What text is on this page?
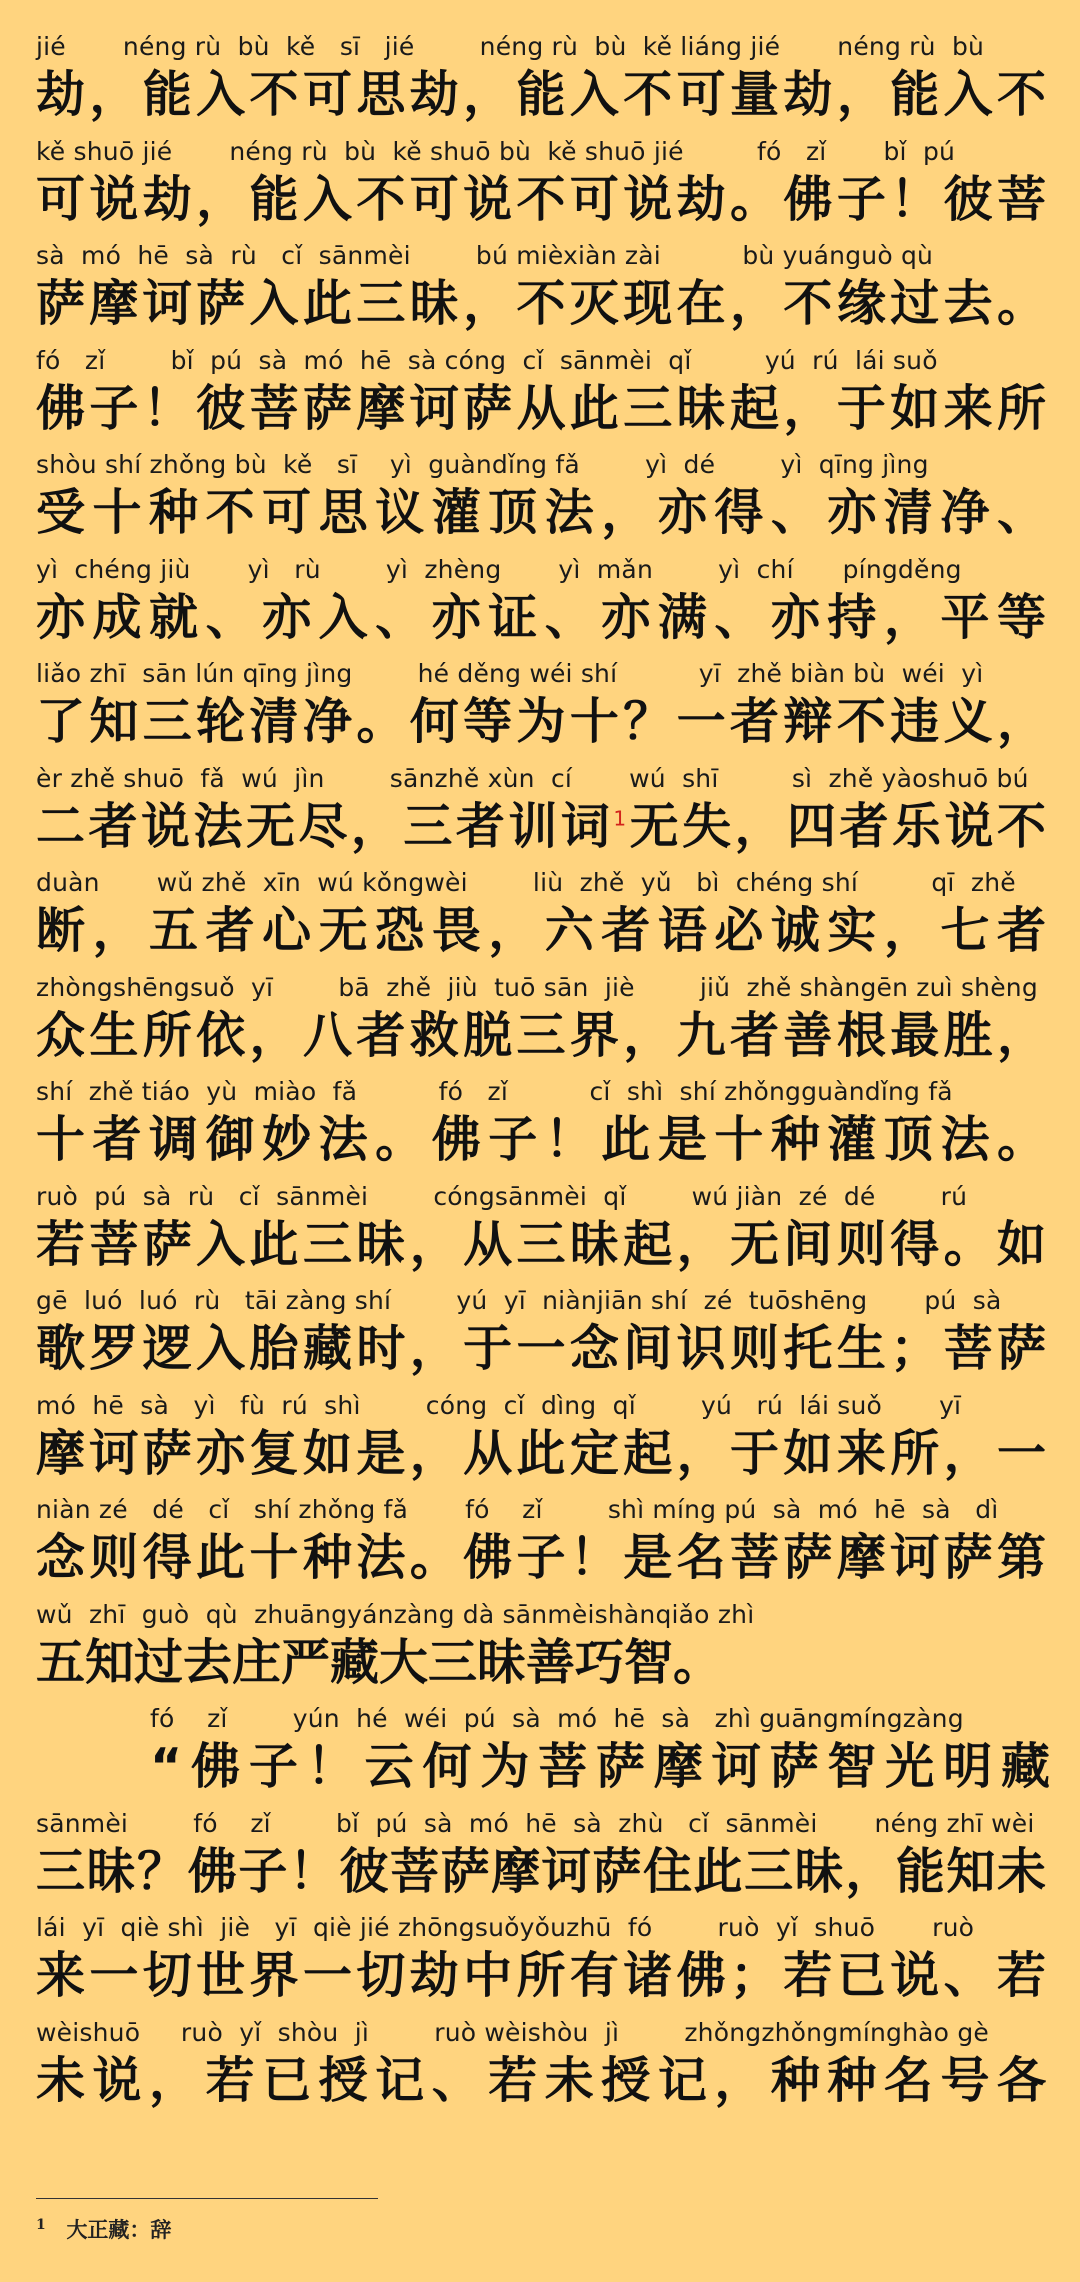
jié       néng rù  bù  kě   sī   jié        néng rù  bù  kě liáng jié       néng rù  bù
劫，能入不可思劫，能入不可量劫，能入不
kě shuō jié       néng rù  bù  kě shuō bù  kě shuō jié         fó   zǐ       bǐ  pú
可说劫，能入不可说不可说劫。佛子！彼菩
sà  mó  hē  sà  rù   cǐ  sānmèi        bú mièxiàn zài          bù yuánguò qù
萨摩诃萨入此三昧，不灭现在，不缘过去。
fó   zǐ        bǐ  pú  sà  mó  hē  sà cóng  cǐ  sānmèi  qǐ         yú  rú  lái suǒ
佛子！彼菩萨摩诃萨从此三昧起，于如来所
shòu shí zhǒng bù  kě   sī    yì  guàndǐng fǎ        yì  dé        yì  qīng jìng
受十种不可思议灌顶法，亦得、亦清净、
yì  chéng jiù       yì   rù        yì  zhèng       yì  mǎn        yì  chí      píngděng
亦成就、亦入、亦证、亦满、亦持，平等
liǎo zhī  sān lún qīng jìng        hé děng wéi shí          yī  zhě biàn bù  wéi  yì
了知三轮清净。何等为十？一者辩不违义，
èr zhě shuō  fǎ  wú  jìn        sānzhě xùn  cí       wú  shī         sì  zhě yàoshuō bú
二者说法无尽，三者训词$^1$无失，四者乐说不
duàn       wǔ zhě  xīn  wú kǒngwèi        liù  zhě  yǔ   bì  chéng shí         qī  zhě
断，五者心无恐畏，六者语必诚实，七者
zhòngshēngsuǒ  yī        bā  zhě  jiù  tuō sān  jiè        jiǔ  zhě shàngēn zuì shèng
众生所依，八者救脱三界，九者善根最胜，
shí  zhě tiáo  yù  miào  fǎ          fó   zǐ          cǐ  shì  shí zhǒngguàndǐng fǎ
十者调御妙法。佛子！此是十种灌顶法。
ruò  pú  sà  rù   cǐ  sānmèi        cóngsānmèi  qǐ        wú jiàn  zé  dé        rú
若菩萨入此三昧，从三昧起，无间则得。如
gē  luó  luó  rù   tāi zàng shí        yú  yī  niànjiān shí  zé  tuōshēng       pú  sà
歌罗逻入胎藏时，于一念间识则托生；菩萨
mó  hē  sà   yì   fù  rú  shì        cóng  cǐ  dìng  qǐ        yú   rú  lái suǒ       yī
摩诃萨亦复如是，从此定起，于如来所，一
niàn zé   dé   cǐ   shí zhǒng fǎ       fó    zǐ        shì míng pú  sà  mó  hē  sà   dì
念则得此十种法。佛子！是名菩萨摩诃萨第
wǔ  zhī  guò  qù  zhuāngyánzàng dà sānmèishànqiǎo zhì
五知过去庄严藏大三昧善巧智。
fó    zǐ        yún  hé  wéi  pú  sà  mó  hē  sà   zhì guāngmíngzàng
“佛子！云何为菩萨摩诃萨智光明藏
sānmèi        fó    zǐ        bǐ  pú  sà  mó  hē  sà  zhù   cǐ  sānmèi       néng zhī wèi
三昧？佛子！彼菩萨摩诃萨住此三昧，能知未
lái  yī  qiè shì  jiè   yī  qiè jié zhōngsuǒyǒuzhū  fó        ruò  yǐ  shuō       ruò
来一切世界一切劫中所有诸佛；若已说、若
wèishuō     ruò  yǐ  shòu  jì        ruò wèishòu  jì        zhǒngzhǒngmínghào gè
未说，若已授记、若未授记，种种名号各
$^1$ 大正藏：辞
